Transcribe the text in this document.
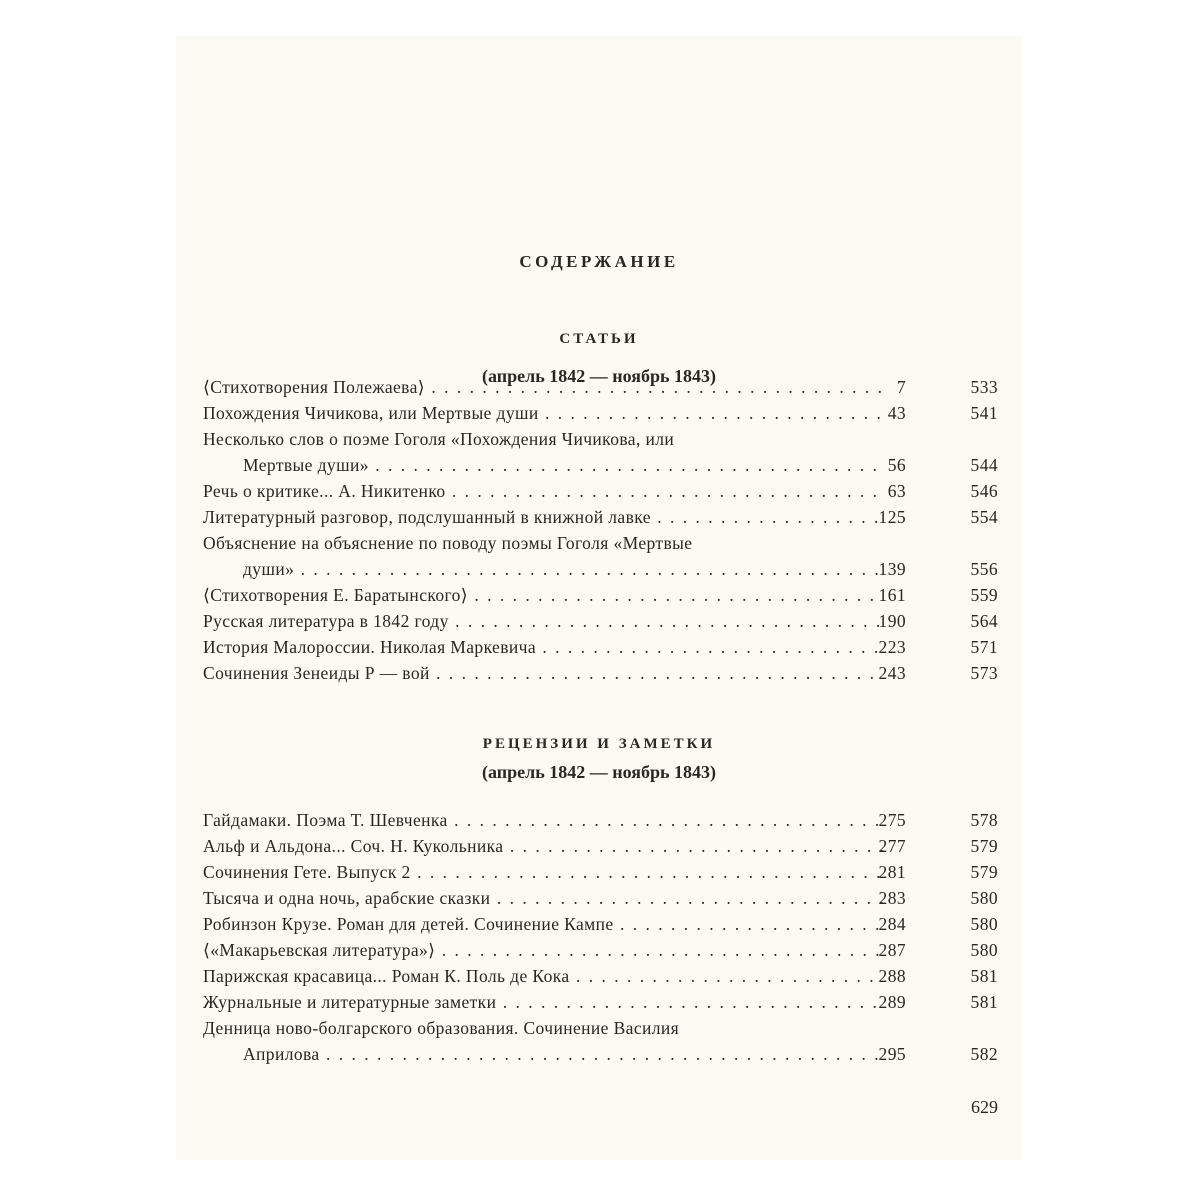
СОДЕРЖАНИЕ
СТАТЬИ
(апрель 1842 — ноябрь 1843)
⟨Стихотворения Полежаева⟩ . . .	7	533
Похождения Чичикова, или Мертвые души . . .	43	541
Несколько слов о поэме Гоголя «Похождения Чичикова, или
Мертвые души» . . .	56	544
Речь о критике... А. Никитенко . . .	63	546
Литературный разговор, подслушанный в книжной лавке . . .	125	554
Объяснение на объяснение по поводу поэмы Гоголя «Мертвые
души» . . .	139	556
⟨Стихотворения Е. Баратынского⟩ . . .	161	559
Русская литература в 1842 году . . .	190	564
История Малороссии. Николая Маркевича . . .	223	571
Сочинения Зенеиды Р — вой . . .	243	573
РЕЦЕНЗИИ И ЗАМЕТКИ
(апрель 1842 — ноябрь 1843)
Гайдамаки. Поэма Т. Шевченка . . .	275	578
Альф и Альдона... Соч. Н. Кукольника . . .	277	579
Сочинения Гете. Выпуск 2 . . .	281	579
Тысяча и одна ночь, арабские сказки . . .	283	580
Робинзон Крузе. Роман для детей. Сочинение Кампе . . .	284	580
⟨«Макарьевская литература»⟩ . . .	287	580
Парижская красавица... Роман К. Поль де Кока . . .	288	581
Журнальные и литературные заметки . . .	289	581
Денница ново-болгарского образования. Сочинение Василия
Априлова . . .	295	582
629
